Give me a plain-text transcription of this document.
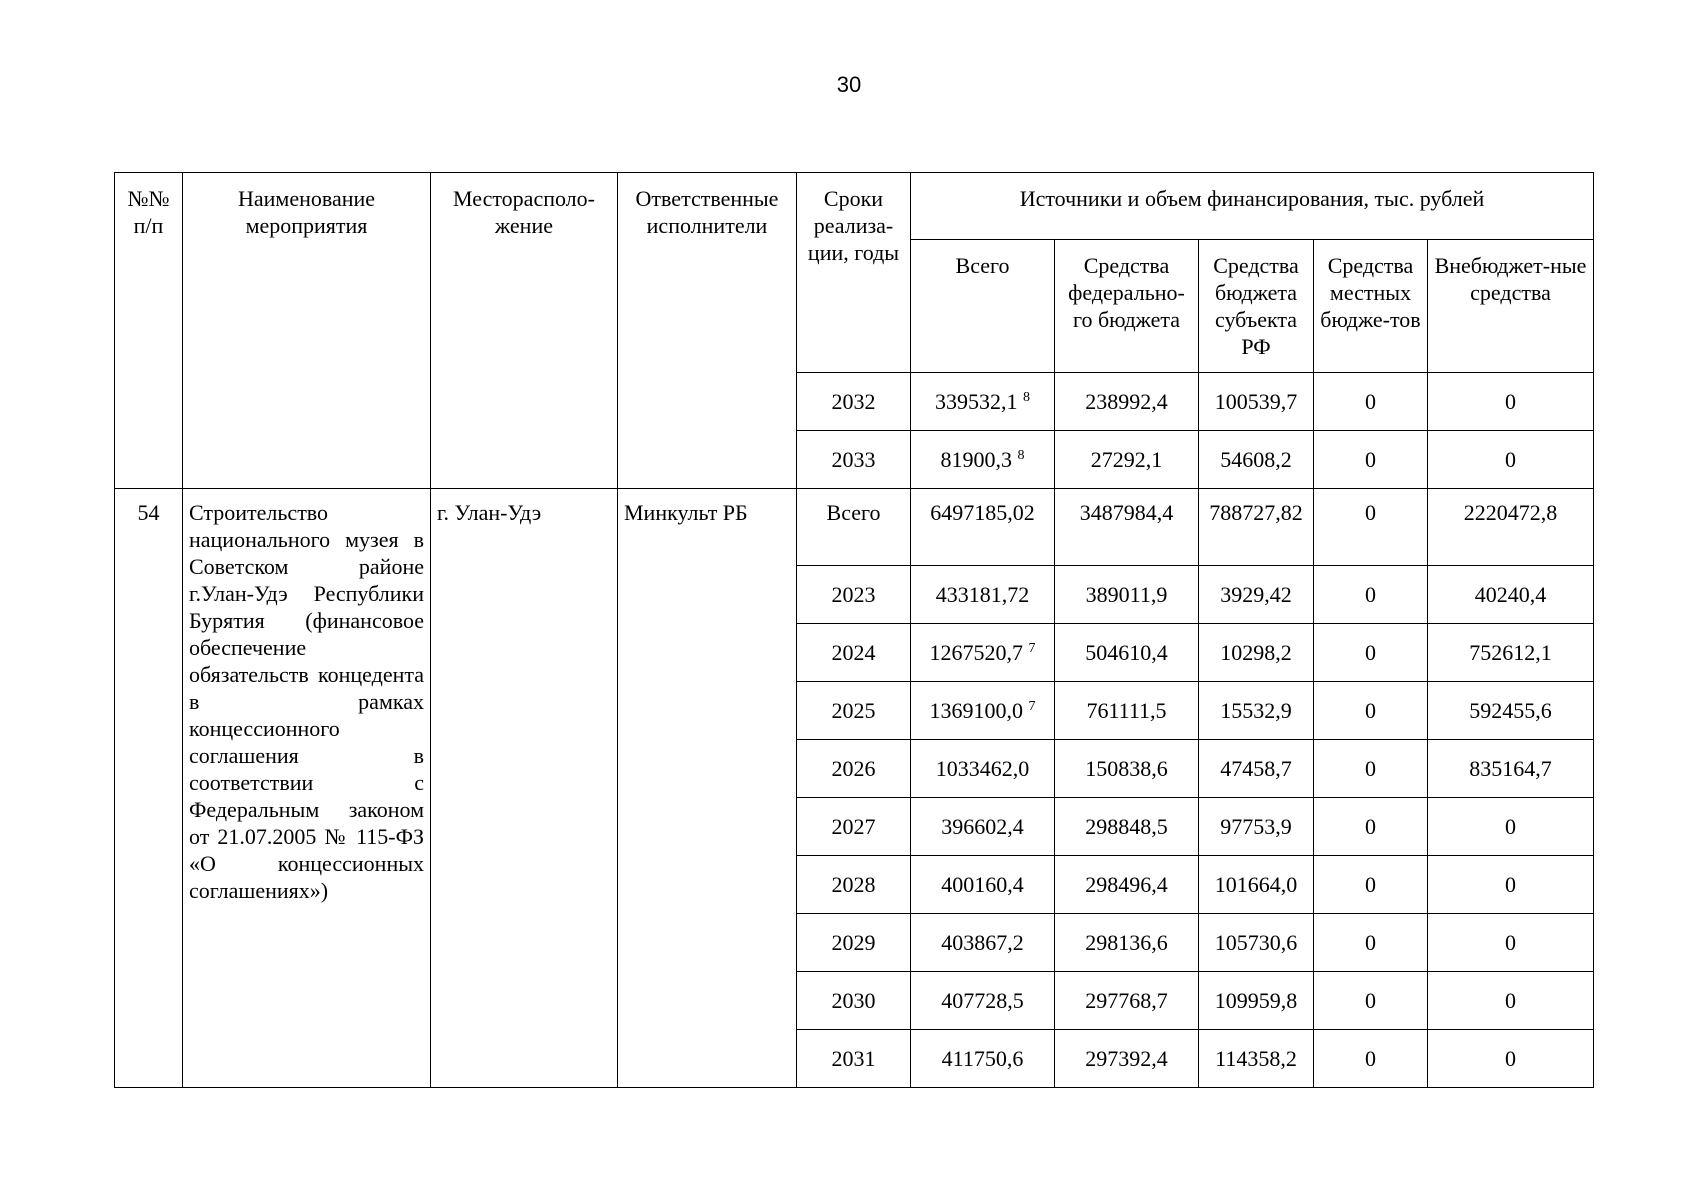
30
№№ п/п	Наименование мероприятия	Месторасполо-жение	Ответственные исполнители	Сроки реализа-ции, годы	Источники и объем финансирования, тыс. рублей				
					Всего	Средства федерально-го бюджета	Средства бюджета субъекта РФ	Средства местных бюдже-тов	Внебюджет-ные средства
				2032	339532,1 $^8$	238992,4	100539,7	0	0
				2033	81900,3 $^8$	27292,1	54608,2	0	0
54	Строительство национального музея в Советском районе г.Улан-Удэ Республики Бурятия (финансовое обеспечение обязательств концедента в рамках концессионного соглашения в соответствии с Федеральным законом от 21.07.2005 № 115-ФЗ «О концессионных соглашениях»)	г. Улан-Удэ	Минкульт РБ	Всего	6497185,02	3487984,4	788727,82	0	2220472,8
				2023	433181,72	389011,9	3929,42	0	40240,4
				2024	1267520,7 $^7$	504610,4	10298,2	0	752612,1
				2025	1369100,0 $^7$	761111,5	15532,9	0	592455,6
				2026	1033462,0	150838,6	47458,7	0	835164,7
				2027	396602,4	298848,5	97753,9	0	0
				2028	400160,4	298496,4	101664,0	0	0
				2029	403867,2	298136,6	105730,6	0	0
				2030	407728,5	297768,7	109959,8	0	0
				2031	411750,6	297392,4	114358,2	0	0
